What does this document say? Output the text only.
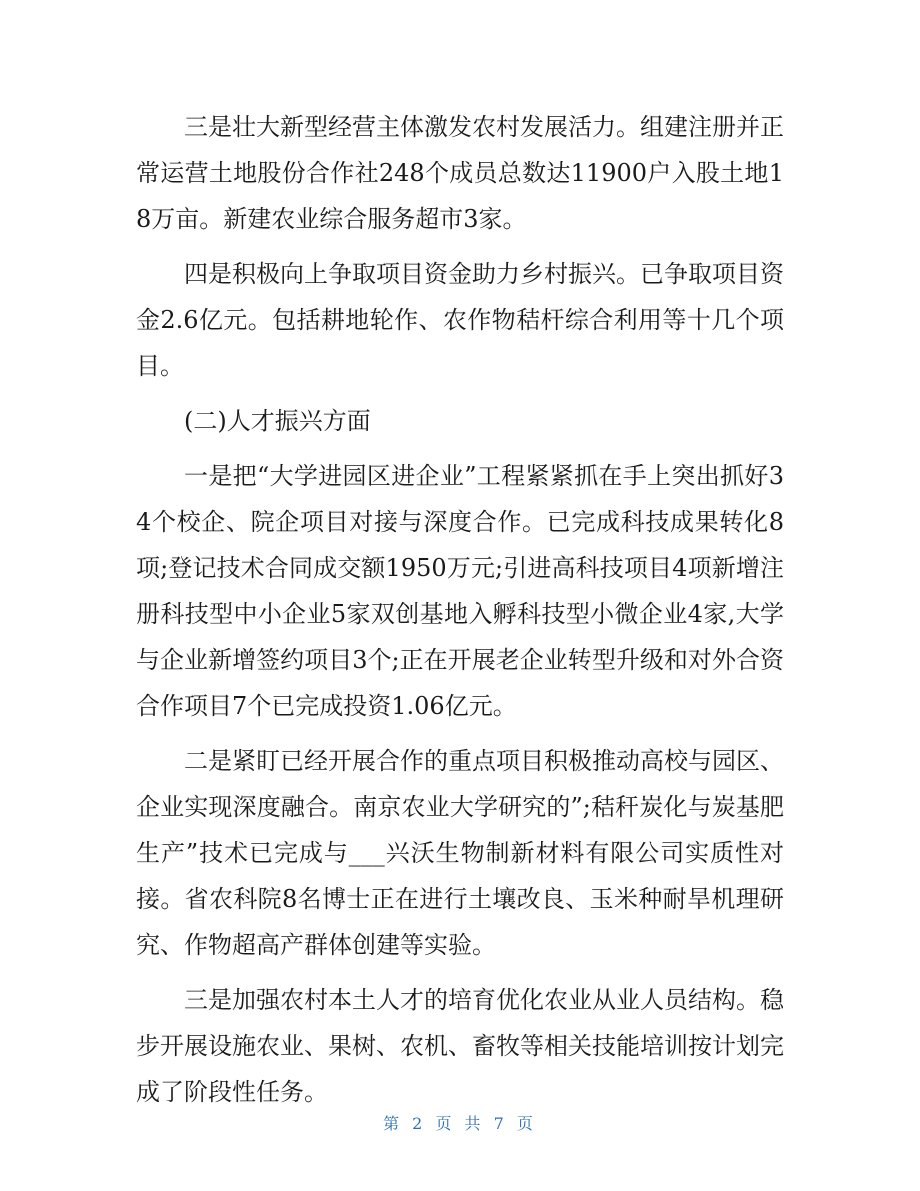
三是壮大新型经营主体激发农村发展活力。组建注册并正常运营土地股份合作社248个成员总数达11900户入股土地18万亩。新建农业综合服务超市3家。

四是积极向上争取项目资金助力乡村振兴。已争取项目资金2.6亿元。包括耕地轮作、农作物秸杆综合利用等十几个项目。

(二)人才振兴方面

一是把“大学进园区进企业”工程紧紧抓在手上突出抓好34个校企、院企项目对接与深度合作。已完成科技成果转化8项;登记技术合同成交额1950万元;引进高科技项目4项新增注册科技型中小企业5家双创基地入孵科技型小微企业4家,大学与企业新增签约项目3个;正在开展老企业转型升级和对外合资合作项目7个已完成投资1.06亿元。

二是紧盯已经开展合作的重点项目积极推动高校与园区、企业实现深度融合。南京农业大学研究的”;秸秆炭化与炭基肥生产”技术已完成与___兴沃生物制新材料有限公司实质性对接。省农科院8名博士正在进行土壤改良、玉米种耐旱机理研究、作物超高产群体创建等实验。

三是加强农村本土人才的培育优化农业从业人员结构。稳步开展设施农业、果树、农机、畜牧等相关技能培训按计划完成了阶段性任务。

第 2 页 共 7 页
